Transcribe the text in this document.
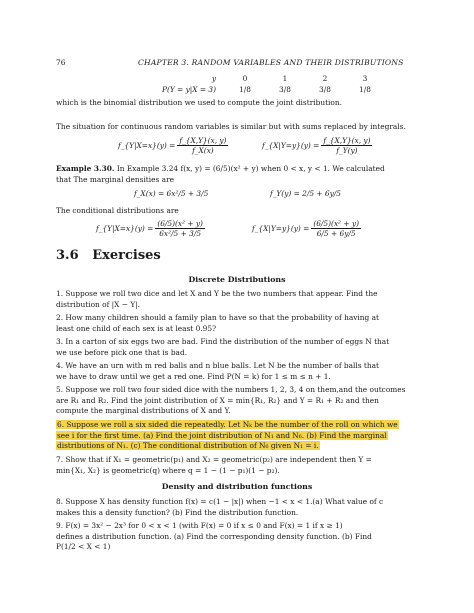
76	CHAPTER 3. RANDOM VARIABLES AND THEIR DISTRIBUTIONS
y	0	1	2	3
P(Y = y|X = 3)	1/8	3/8	3/8	1/8
which is the binomial distribution we used to compute the joint distribution.
The situation for continuous random variables is similar but with sums replaced by integrals.
f_{Y|X=x}(y) = $\frac{f\_\{X,Y\}(x, y)}{f\_X(x)}$	f_{X|Y=y}(y) = $\frac{f\_\{X,Y\}(x, y)}{f\_Y(y)}$
Example 3.30. In Example 3.24 f(x, y) = (6/5)(x² + y) when 0 < x, y < 1. We calculated
that The marginal densities are
f_X(x) = 6x²/5 + 3/5	f_Y(y) = 2/5 + 6y/5
The conditional distributions are
f_{Y|X=x}(y) = $\frac{\text{(6/5)(x² + y)}}{\text{6x²/5 + 3/5}}$	f_{X|Y=y}(y) = $\frac{\text{(6/5)(x² + y)}}{6/5 + 6y/5}$
3.6 Exercises
Discrete Distributions
1. Suppose we roll two dice and let X and Y be the two numbers that appear. Find the
distribution of |X − Y|.
2. How many children should a family plan to have so that the probability of having at
least one child of each sex is at least 0.95?
3. In a carton of six eggs two are bad. Find the distribution of the number of eggs N that
we use before pick one that is bad.
4. We have an urn with m red balls and n blue balls. Let N be the number of balls that
we have to draw until we get a red one. Find P(N = k) for 1 ≤ m ≤ n + 1.
5. Suppose we roll two four sided dice with the numbers 1, 2, 3, 4 on them,and the outcomes
are R₁ and R₂. Find the joint distribution of X = min{R₁, R₂} and Y = R₁ + R₂ and then
compute the marginal distributions of X and Y.
6. Suppose we roll a six sided die repeatedly. Let Nₖ be the number of the roll on which we
see i for the first time. (a) Find the joint distribution of N₁ and N₆. (b) Find the marginal
distributions of N₁. (c) The conditional distribution of N₆ given N₁ = i.
7. Show that if X₁ = geometric(p₁) and X₂ = geometric(p₂) are independent then Y =
min{X₁, X₂} is geometric(q) where q = 1 − (1 − p₁)(1 − p₂).
Density and distribution functions
8. Suppose X has density function f(x) = c(1 − |x|) when −1 < x < 1.(a) What value of c
makes this a density function? (b) Find the distribution function.
9. F(x) = 3x² − 2x³ for 0 < x < 1 (with F(x) = 0 if x ≤ 0 and F(x) = 1 if x ≥ 1)
defines a distribution function. (a) Find the corresponding density function. (b) Find
P(1/2 < X < 1)
